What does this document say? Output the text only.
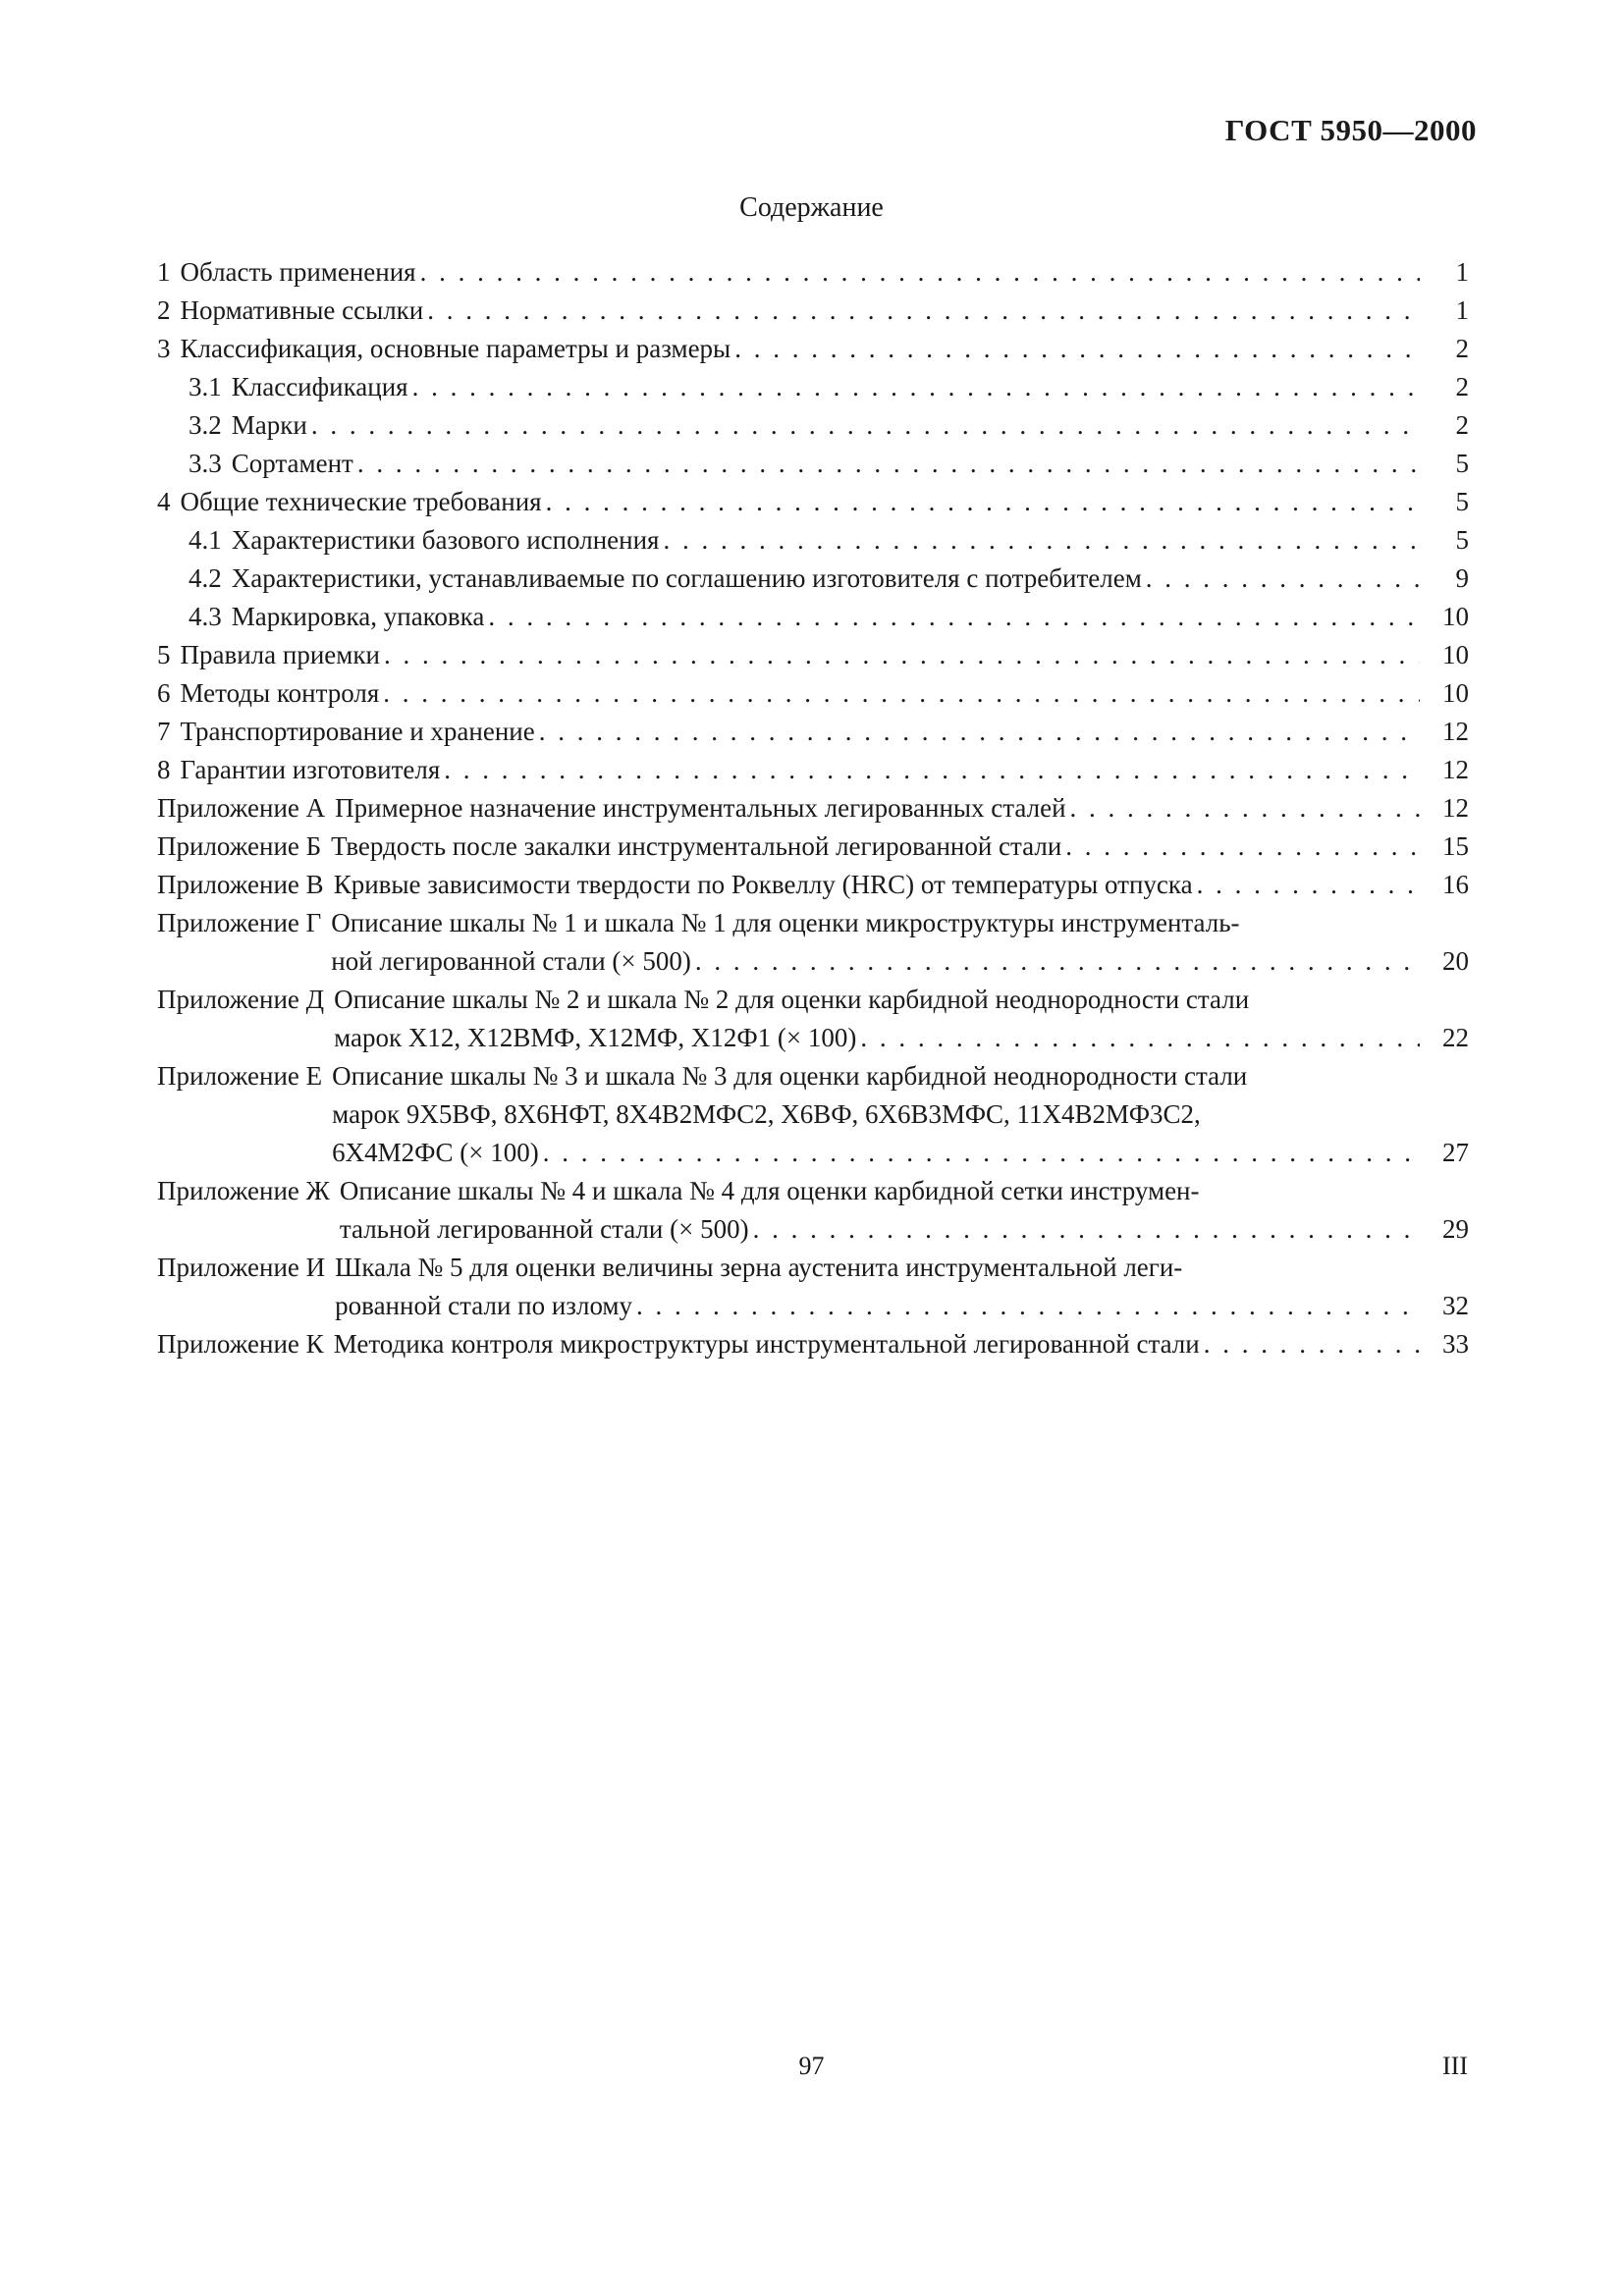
ГОСТ 5950—2000
Содержание
1 Область применения . . .	1
2 Нормативные ссылки . . .	1
3 Классификация, основные параметры и размеры . . .	2
3.1 Классификация . . .	2
3.2 Марки . . .	2
3.3 Сортамент . . .	5
4 Общие технические требования . . .	5
4.1 Характеристики базового исполнения . . .	5
4.2 Характеристики, устанавливаемые по соглашению изготовителя с потребителем . . .	9
4.3 Маркировка, упаковка . . .	10
5 Правила приемки . . .	10
6 Методы контроля . . .	10
7 Транспортирование и хранение . . .	12
8 Гарантии изготовителя . . .	12
Приложение А Примерное назначение инструментальных легированных сталей . . .	12
Приложение Б Твердость после закалки инструментальной легированной стали . . .	15
Приложение В Кривые зависимости твердости по Роквеллу (HRC) от температуры отпуска . . .	16
Приложение Г Описание шкалы № 1 и шкала № 1 для оценки микроструктуры инструменталь-
ной легированной стали (× 500) . . .	20
Приложение Д Описание шкалы № 2 и шкала № 2 для оценки карбидной неоднородности стали
марок Х12, Х12ВМФ, Х12МФ, Х12Ф1 (× 100) . . .	22
Приложение Е Описание шкалы № 3 и шкала № 3 для оценки карбидной неоднородности стали
марок 9Х5ВФ, 8Х6НФТ, 8Х4В2МФС2, Х6ВФ, 6Х6В3МФС, 11Х4В2МФ3С2,
6Х4М2ФС (× 100) . . .	27
Приложение Ж Описание шкалы № 4 и шкала № 4 для оценки карбидной сетки инструмен-
тальной легированной стали (× 500) . . .	29
Приложение И Шкала № 5 для оценки величины зерна аустенита инструментальной леги-
рованной стали по излому . . .	32
Приложение К Методика контроля микроструктуры инструментальной легированной стали . . .	33
97	III
